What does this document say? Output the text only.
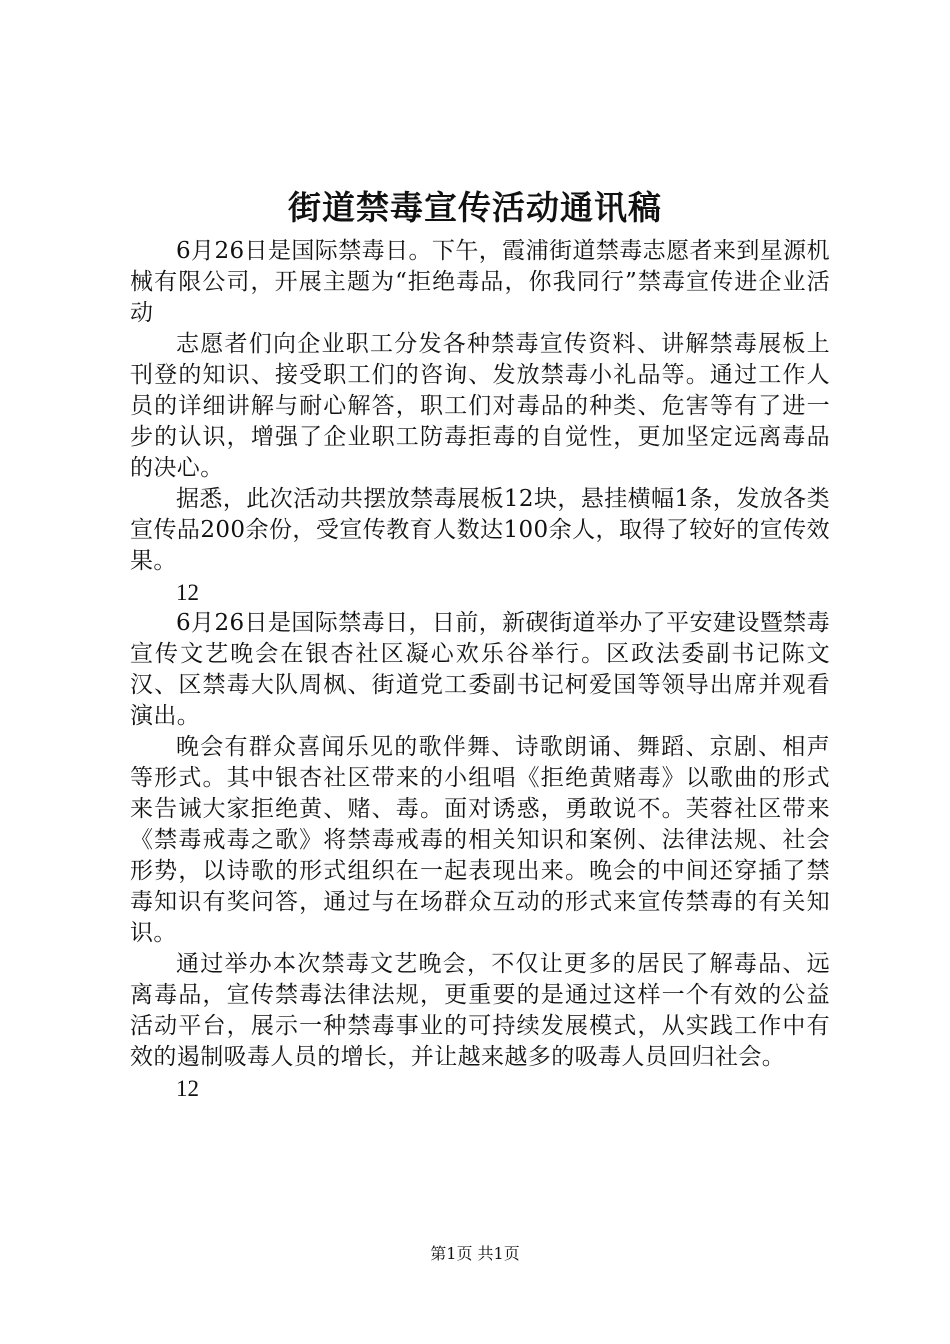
街道禁毒宣传活动通讯稿

6月26日是国际禁毒日。下午，霞浦街道禁毒志愿者来到星源机械有限公司，开展主题为“拒绝毒品，你我同行”禁毒宣传进企业活动

志愿者们向企业职工分发各种禁毒宣传资料、讲解禁毒展板上刊登的知识、接受职工们的咨询、发放禁毒小礼品等。通过工作人员的详细讲解与耐心解答，职工们对毒品的种类、危害等有了进一步的认识，增强了企业职工防毒拒毒的自觉性，更加坚定远离毒品的决心。

据悉，此次活动共摆放禁毒展板12块，悬挂横幅1条，发放各类宣传品200余份，受宣传教育人数达100余人，取得了较好的宣传效果。

12

6月26日是国际禁毒日，日前，新碶街道举办了平安建设暨禁毒宣传文艺晚会在银杏社区凝心欢乐谷举行。区政法委副书记陈文汉、区禁毒大队周枫、街道党工委副书记柯爱国等领导出席并观看演出。

晚会有群众喜闻乐见的歌伴舞、诗歌朗诵、舞蹈、京剧、相声等形式。其中银杏社区带来的小组唱《拒绝黄赌毒》以歌曲的形式来告诫大家拒绝黄、赌、毒。面对诱惑，勇敢说不。芙蓉社区带来《禁毒戒毒之歌》将禁毒戒毒的相关知识和案例、法律法规、社会形势，以诗歌的形式组织在一起表现出来。晚会的中间还穿插了禁毒知识有奖问答，通过与在场群众互动的形式来宣传禁毒的有关知识。

通过举办本次禁毒文艺晚会，不仅让更多的居民了解毒品、远离毒品，宣传禁毒法律法规，更重要的是通过这样一个有效的公益活动平台，展示一种禁毒事业的可持续发展模式，从实践工作中有效的遏制吸毒人员的增长，并让越来越多的吸毒人员回归社会。

12

第1页 共1页
